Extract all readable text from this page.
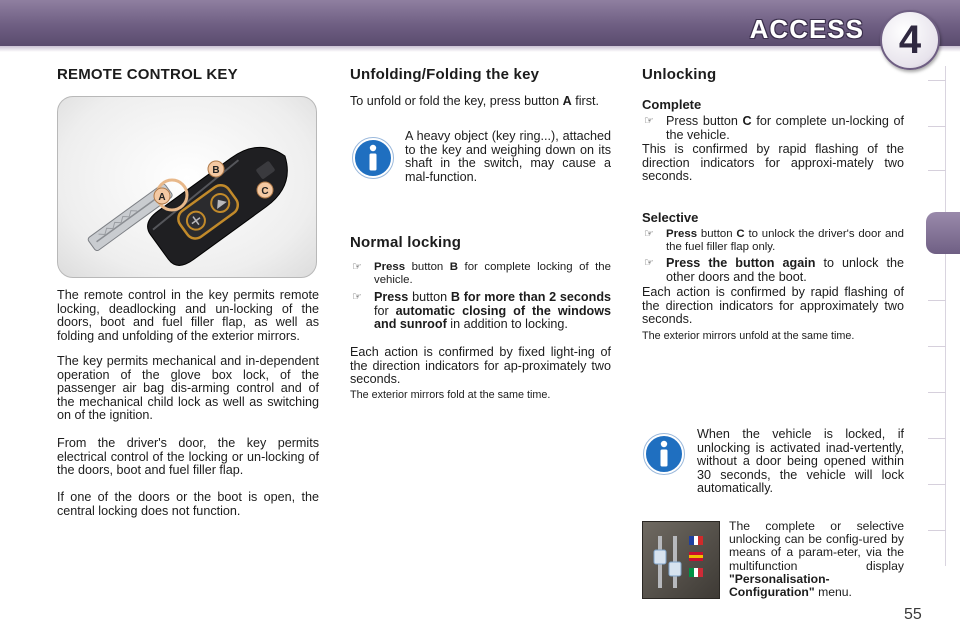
ACCESS 4
REMOTE CONTROL KEY
A
B
C
The remote control in the key permits remote locking, deadlocking and un-locking of the doors, boot and fuel filler flap, as well as folding and unfolding of the exterior mirrors.
The key permits mechanical and in-dependent operation of the glove box lock, of the passenger air bag dis-arming control and of the mechanical child lock as well as switching on of the ignition.
From the driver's door, the key permits electrical control of the locking or un-locking of the doors, boot and fuel filler flap.
If one of the doors or the boot is open, the central locking does not function.
Unfolding/Folding the key
To unfold or fold the key, press button A first.
A heavy object (key ring...), attached to the key and weighing down on its shaft in the switch, may cause a mal-function.
Normal locking
☞ Press button B for complete locking of the vehicle.
☞ Press button B for more than 2 seconds for automatic closing of the windows and sunroof in addition to locking.
Each action is confirmed by fixed light-ing of the direction indicators for ap-proximately two seconds.
The exterior mirrors fold at the same time.
Unlocking
Complete
☞ Press button C for complete un-locking of the vehicle.
This is confirmed by rapid flashing of the direction indicators for approxi-mately two seconds.
Selective
☞ Press button C to unlock the driver's door and the fuel filler flap only.
☞ Press the button again to unlock the other doors and the boot.
Each action is confirmed by rapid flashing of the direction indicators for approximately two seconds.
The exterior mirrors unfold at the same time.
When the vehicle is locked, if unlocking is activated inad-vertently, without a door being opened within 30 seconds, the vehicle will lock automatically.
The complete or selective unlocking can be config-ured by means of a param-eter, via the multifunction display "Personalisation-Configuration" menu.
55
